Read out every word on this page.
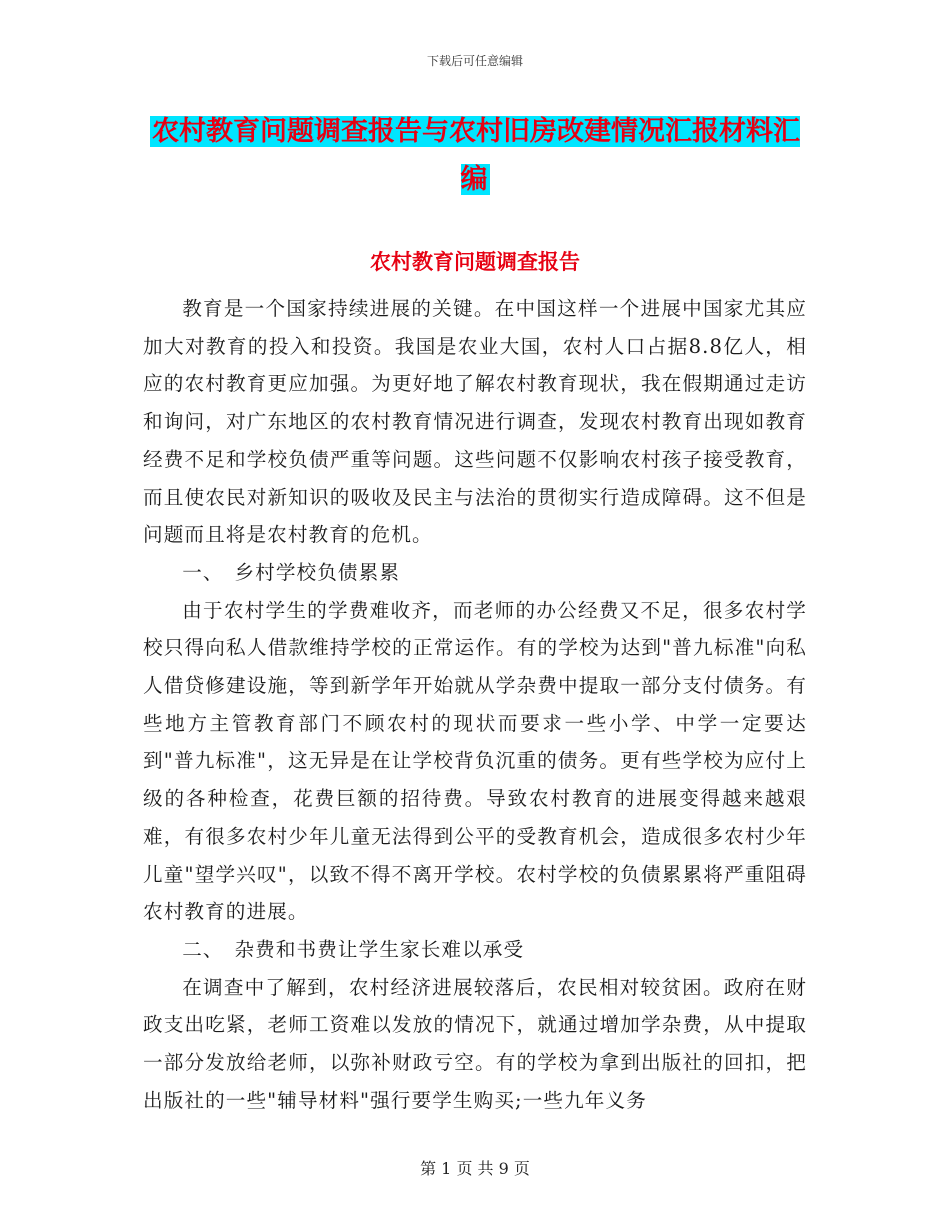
下载后可任意编辑
农村教育问题调查报告与农村旧房改建情况汇报材料汇编
农村教育问题调查报告

教育是一个国家持续进展的关键。在中国这样一个进展中国家尤其应加大对教育的投入和投资。我国是农业大国，农村人口占据8.8亿人，相应的农村教育更应加强。为更好地了解农村教育现状，我在假期通过走访和询问，对广东地区的农村教育情况进行调查，发现农村教育出现如教育经费不足和学校负债严重等问题。这些问题不仅影响农村孩子接受教育，而且使农民对新知识的吸收及民主与法治的贯彻实行造成障碍。这不但是问题而且将是农村教育的危机。

一、　乡村学校负债累累

由于农村学生的学费难收齐，而老师的办公经费又不足，很多农村学校只得向私人借款维持学校的正常运作。有的学校为达到"普九标准"向私人借贷修建设施，等到新学年开始就从学杂费中提取一部分支付债务。有些地方主管教育部门不顾农村的现状而要求一些小学、中学一定要达到"普九标准"，这无异是在让学校背负沉重的债务。更有些学校为应付上级的各种检查，花费巨额的招待费。导致农村教育的进展变得越来越艰难，有很多农村少年儿童无法得到公平的受教育机会，造成很多农村少年儿童"望学兴叹"，以致不得不离开学校。农村学校的负债累累将严重阻碍农村教育的进展。

二、　杂费和书费让学生家长难以承受

在调查中了解到，农村经济进展较落后，农民相对较贫困。政府在财政支出吃紧，老师工资难以发放的情况下，就通过增加学杂费，从中提取一部分发放给老师，以弥补财政亏空。有的学校为拿到出版社的回扣，把出版社的一些"辅导材料"强行要学生购买;一些九年义务

第 1 页 共 9 页
